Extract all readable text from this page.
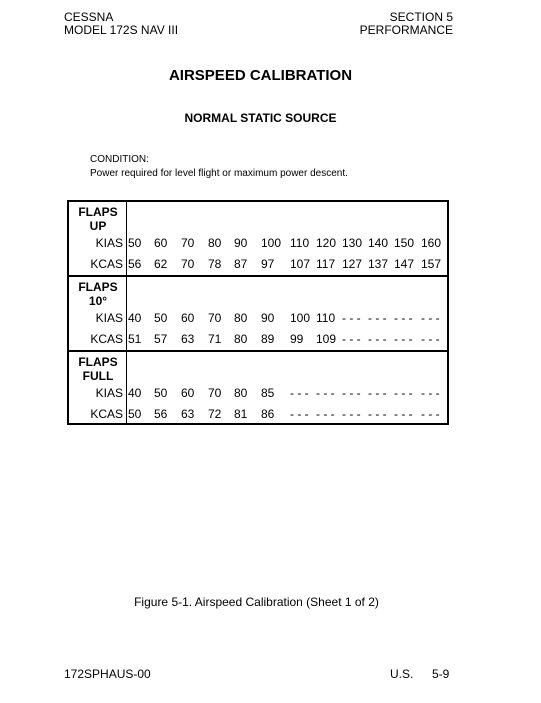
CESSNA
MODEL 172S NAV III
SECTION 5
PERFORMANCE
AIRSPEED CALIBRATION
NORMAL STATIC SOURCE
CONDITION:
Power required for level flight or maximum power descent.
FLAPS
UP
KIAS 50 60 70 80 90 100 110 120 130 140 150 160
KCAS 56 62 70 78 87 97 107 117 127 137 147 157
FLAPS
10°
KIAS 40 50 60 70 80 90 100 110 - - - - - - - - - - - -
KCAS 51 57 63 71 80 89 99 109 - - - - - - - - - - - -
FLAPS
FULL
KIAS 40 50 60 70 80 85 - - - - - - - - - - - - - - - - - -
KCAS 50 56 63 72 81 86 - - - - - - - - - - - - - - - - - -
Figure 5-1. Airspeed Calibration (Sheet 1 of 2)
172SPHAUS-00	U.S. 5-9
